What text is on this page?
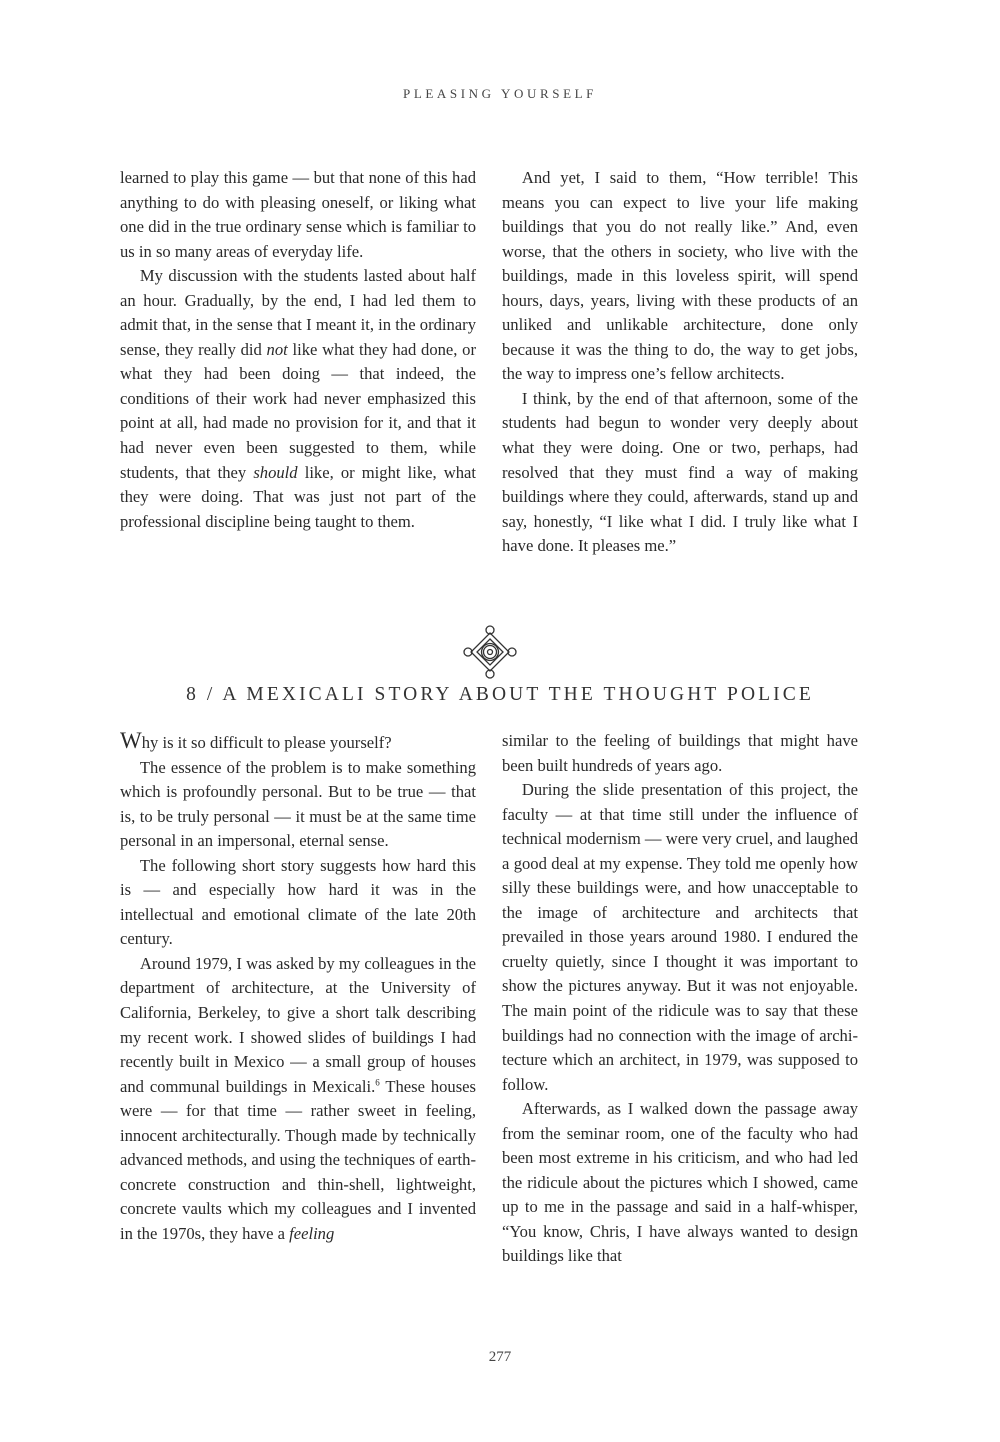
PLEASING YOURSELF

learned to play this game — but that none of this had anything to do with pleasing oneself, or liking what one did in the true ordinary sense which is familiar to us in so many areas of everyday life.

My discussion with the students lasted about half an hour. Gradually, by the end, I had led them to admit that, in the sense that I meant it, in the ordinary sense, they really did not like what they had done, or what they had been doing — that indeed, the conditions of their work had never emphasized this point at all, had made no provision for it, and that it had never even been suggested to them, while students, that they should like, or might like, what they were doing. That was just not part of the professional discipline being taught to them.

And yet, I said to them, “How terrible! This means you can expect to live your life making buildings that you do not really like.” And, even worse, that the others in society, who live with the buildings, made in this loveless spirit, will spend hours, days, years, living with these products of an unliked and unlikable architecture, done only because it was the thing to do, the way to get jobs, the way to impress one’s fellow architects.

I think, by the end of that afternoon, some of the students had begun to wonder very deeply about what they were doing. One or two, perhaps, had resolved that they must find a way of making buildings where they could, afterwards, stand up and say, honestly, “I like what I did. I truly like what I have done. It pleases me.”

8 / A MEXICALI STORY ABOUT THE THOUGHT POLICE

Why is it so difficult to please yourself?

The essence of the problem is to make something which is profoundly personal. But to be true — that is, to be truly personal — it must be at the same time personal in an impersonal, eternal sense.

The following short story suggests how hard this is — and especially how hard it was in the intellectual and emotional climate of the late 20th century.

Around 1979, I was asked by my colleagues in the department of architecture, at the University of California, Berkeley, to give a short talk describing my recent work. I showed slides of buildings I had recently built in Mexico — a small group of houses and communal buildings in Mexicali.$^6$ These houses were — for that time — rather sweet in feeling, innocent architecturally. Though made by technically advanced methods, and using the techniques of earth-concrete construction and thin-shell, lightweight, concrete vaults which my colleagues and I invented in the 1970s, they have a feeling

similar to the feeling of buildings that might have been built hundreds of years ago.

During the slide presentation of this project, the faculty — at that time still under the influence of technical modernism — were very cruel, and laughed a good deal at my expense. They told me openly how silly these buildings were, and how unacceptable to the image of architecture and architects that prevailed in those years around 1980. I endured the cruelty quietly, since I thought it was important to show the pictures anyway. But it was not enjoyable. The main point of the ridicule was to say that these buildings had no connection with the image of architecture which an architect, in 1979, was supposed to follow.

Afterwards, as I walked down the passage away from the seminar room, one of the faculty who had been most extreme in his criticism, and who had led the ridicule about the pictures which I showed, came up to me in the passage and said in a half-whisper, “You know, Chris, I have always wanted to design buildings like that

277
